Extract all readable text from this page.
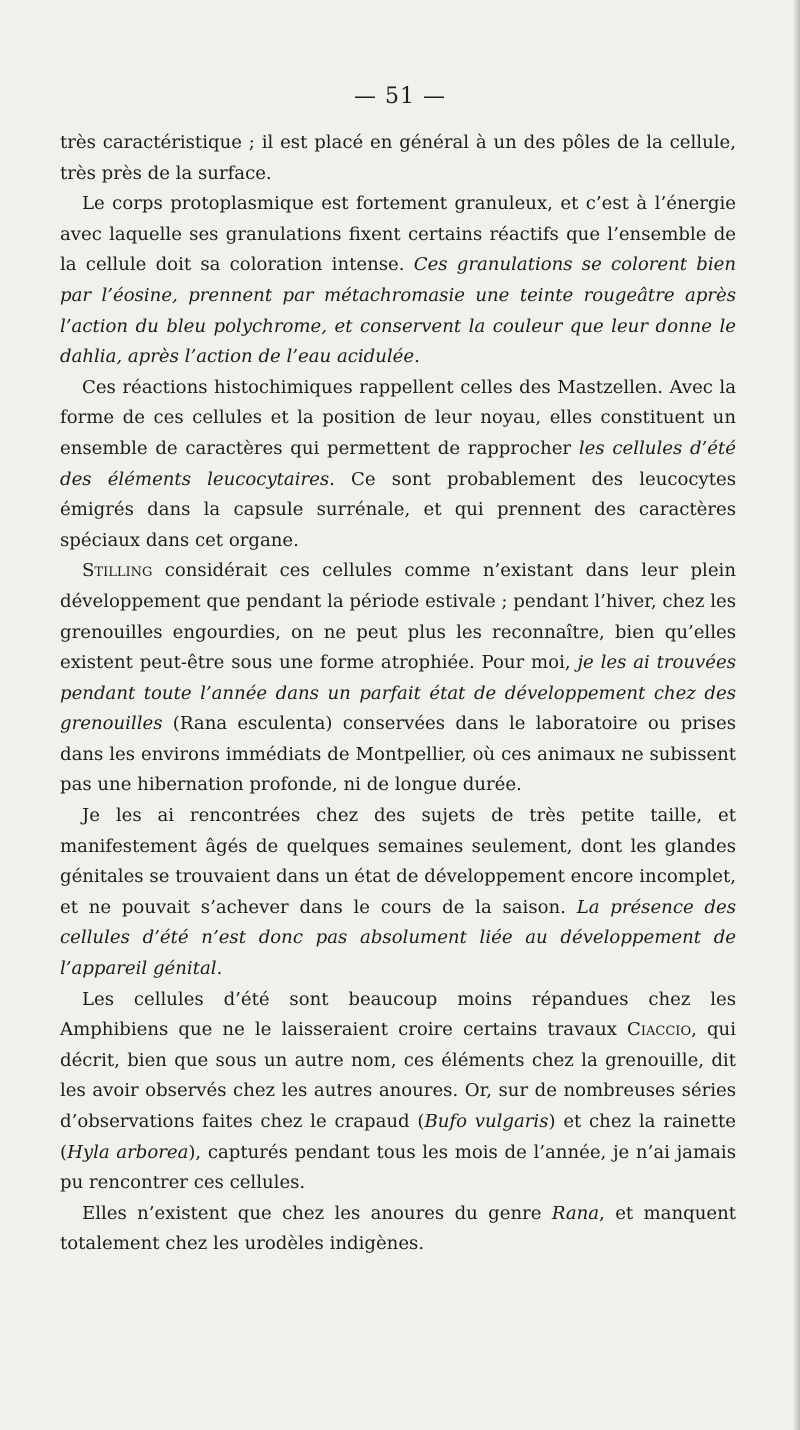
— 51 —

très caractéristique ; il est placé en général à un des pôles de la cellule, très près de la surface.

Le corps protoplasmique est fortement granuleux, et c’est à l’énergie avec laquelle ses granulations fixent certains réactifs que l’ensemble de la cellule doit sa coloration intense. Ces granulations se colorent bien par l’éosine, prennent par métachromasie une teinte rougeâtre après l’action du bleu polychrome, et conservent la couleur que leur donne le dahlia, après l’action de l’eau acidulée.

Ces réactions histochimiques rappellent celles des Mastzellen. Avec la forme de ces cellules et la position de leur noyau, elles constituent un ensemble de caractères qui permettent de rapprocher les cellules d’été des éléments leucocytaires. Ce sont probablement des leucocytes émigrés dans la capsule surrénale, et qui prennent des caractères spéciaux dans cet organe.

Stilling considérait ces cellules comme n’existant dans leur plein développement que pendant la période estivale ; pendant l’hiver, chez les grenouilles engourdies, on ne peut plus les reconnaître, bien qu’elles existent peut-être sous une forme atrophiée. Pour moi, je les ai trouvées pendant toute l’année dans un parfait état de développement chez des grenouilles (Rana esculenta) conservées dans le laboratoire ou prises dans les environs immédiats de Montpellier, où ces animaux ne subissent pas une hibernation profonde, ni de longue durée.

Je les ai rencontrées chez des sujets de très petite taille, et manifestement âgés de quelques semaines seulement, dont les glandes génitales se trouvaient dans un état de développement encore incomplet, et ne pouvait s’achever dans le cours de la saison. La présence des cellules d’été n’est donc pas absolument liée au développement de l’appareil génital.

Les cellules d’été sont beaucoup moins répandues chez les Amphibiens que ne le laisseraient croire certains travaux Ciaccio, qui décrit, bien que sous un autre nom, ces éléments chez la grenouille, dit les avoir observés chez les autres anoures. Or, sur de nombreuses séries d’observations faites chez le crapaud (Bufo vulgaris) et chez la rainette (Hyla arborea), capturés pendant tous les mois de l’année, je n’ai jamais pu rencontrer ces cellules.

Elles n’existent que chez les anoures du genre Rana, et manquent totalement chez les urodèles indigènes.
